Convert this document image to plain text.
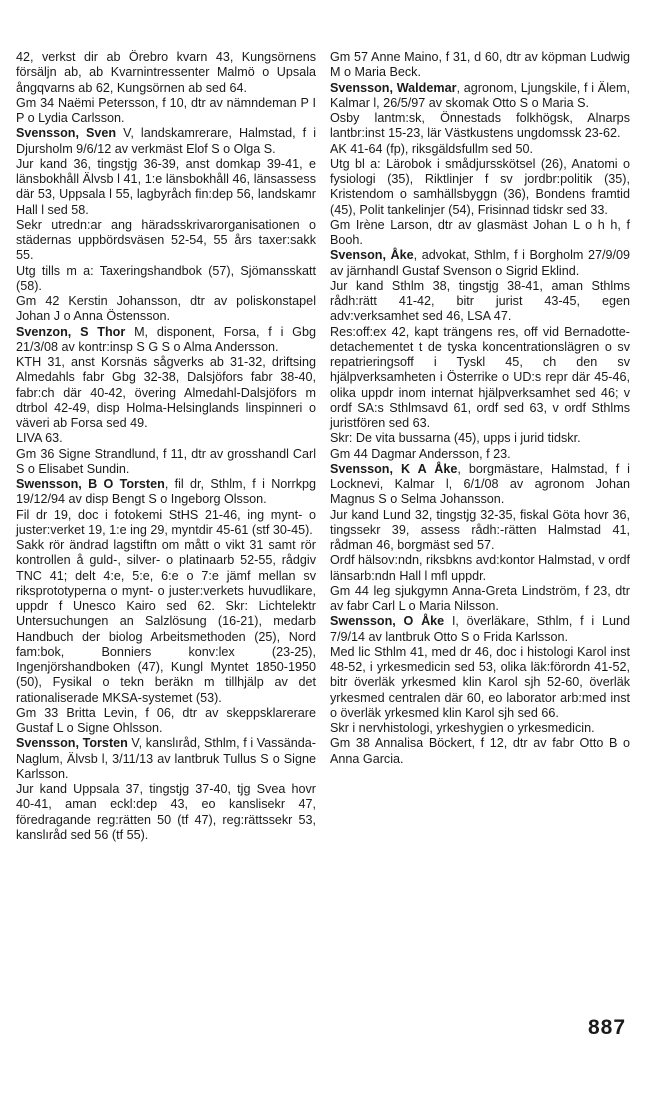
42, verkst dir ab Örebro kvarn 43, Kungsörnens försäljn ab, ab Kvarnintressenter Malmö o Upsala ångqvarns ab 62, Kungsörnen ab sed 64.

Gm 34 Naëmi Petersson, f 10, dtr av nämndeman P I P o Lydia Carlsson.

Svensson, Sven V, landskamrerare, Halmstad, f i Djursholm 9/6/12 av verkmäst Elof S o Olga S.

Jur kand 36, tingstjg 36-39, anst domkap 39-41, e länsbokhåll Älvsb l 41, 1:e länsbokhåll 46, länsassess där 53, Uppsala l 55, lagbyråch fin:dep 56, landskamr Hall l sed 58.

Sekr utredn:ar ang häradsskrivarorganisationen o städernas uppbördsväsen 52-54, 55 års taxer:sakk 55.

Utg tills m a: Taxeringshandbok (57), Sjömansskatt (58).

Gm 42 Kerstin Johansson, dtr av poliskonstapel Johan J o Anna Östensson.

Svenzon, S Thor M, disponent, Forsa, f i Gbg 21/3/08 av kontr:insp S G S o Alma Andersson.

KTH 31, anst Korsnäs sågverks ab 31-32, driftsing Almedahls fabr Gbg 32-38, Dalsjöfors fabr 38-40, fabr:ch där 40-42, övering Almedahl-Dalsjöfors m dtrbol 42-49, disp Holma-Helsinglands linspinneri o väveri ab Forsa sed 49.

LIVA 63.

Gm 36 Signe Strandlund, f 11, dtr av grosshandl Carl S o Elisabet Sundin.

Swensson, B O Torsten, fil dr, Sthlm, f i Norrkpg 19/12/94 av disp Bengt S o Ingeborg Olsson.

Fil dr 19, doc i fotokemi StHS 21-46, ing mynt- o juster:verket 19, 1:e ing 29, myntdir 45-61 (stf 30-45).

Sakk rör ändrad lagstiftn om mått o vikt 31 samt rör kontrollen å guld-, silver- o platinaarb 52-55, rådgiv TNC 41; delt 4:e, 5:e, 6:e o 7:e jämf mellan sv riksprototyperna o mynt- o juster:verkets huvudlikare, uppdr f Unesco Kairo sed 62. Skr: Lichtelektr Untersuchungen an Salzlösung (16-21), medarb Handbuch der biolog Arbeitsmethoden (25), Nord fam:bok, Bonniers konv:lex (23-25), Ingenjörshandboken (47), Kungl Myntet 1850-1950 (50), Fysikal o tekn beräkn m tillhjälp av det rationaliserade MKSA-systemet (53).

Gm 33 Britta Levin, f 06, dtr av skeppsklarerare Gustaf L o Signe Ohlsson.

Svensson, Torsten V, kanslıråd, Sthlm, f i Vassända-Naglum, Älvsb l, 3/11/13 av lantbruk Tullus S o Signe Karlsson.

Jur kand Uppsala 37, tingstjg 37-40, tjg Svea hovr 40-41, aman eckl:dep 43, eo kanslisekr 47, föredragande reg:rätten 50 (tf 47), reg:rättssekr 53, kanslıråd sed 56 (tf 55).

Gm 57 Anne Maino, f 31, d 60, dtr av köpman Ludwig M o Maria Beck.

Svensson, Waldemar, agronom, Ljungskile, f i Älem, Kalmar l, 26/5/97 av skomak Otto S o Maria S.

Osby lantm:sk, Önnestads folkhögsk, Alnarps lantbr:inst 15-23, lär Västkustens ungdomssk 23-62.

AK 41-64 (fp), riksgäldsfullm sed 50.

Utg bl a: Lärobok i smådjursskötsel (26), Anatomi o fysiologi (35), Riktlinjer f sv jordbr:politik (35), Kristendom o samhällsbyggn (36), Bondens framtid (45), Polit tankelinjer (54), Frisinnad tidskr sed 33.

Gm Irène Larson, dtr av glasmäst Johan L o h h, f Booh.

Svenson, Åke, advokat, Sthlm, f i Borgholm 27/9/09 av järnhandl Gustaf Svenson o Sigrid Eklind.

Jur kand Sthlm 38, tingstjg 38-41, aman Sthlms rådh:rätt 41-42, bitr jurist 43-45, egen adv:verksamhet sed 46, LSA 47.

Res:off:ex 42, kapt trängens res, off vid Bernadotte-detachementet t de tyska koncentrationslägren o sv repatrieringsoff i Tyskl 45, ch den sv hjälpverksamheten i Österrike o UD:s repr där 45-46, olika uppdr inom internat hjälpverksamhet sed 46; v ordf SA:s Sthlmsavd 61, ordf sed 63, v ordf Sthlms juristfören sed 63.

Skr: De vita bussarna (45), upps i jurid tidskr.

Gm 44 Dagmar Andersson, f 23.

Svensson, K A Åke, borgmästare, Halmstad, f i Locknevi, Kalmar l, 6/1/08 av agronom Johan Magnus S o Selma Johansson.

Jur kand Lund 32, tingstjg 32-35, fiskal Göta hovr 36, tingssekr 39, assess rådh:-rätten Halmstad 41, rådman 46, borgmäst sed 57.

Ordf hälsov:ndn, riksbkns avd:kontor Halmstad, v ordf länsarb:ndn Hall l mfl uppdr.

Gm 44 leg sjukgymn Anna-Greta Lindström, f 23, dtr av fabr Carl L o Maria Nilsson.

Swensson, O Åke I, överläkare, Sthlm, f i Lund 7/9/14 av lantbruk Otto S o Frida Karlsson.

Med lic Sthlm 41, med dr 46, doc i histologi Karol inst 48-52, i yrkesmedicin sed 53, olika läk:förordn 41-52, bitr överläk yrkesmed klin Karol sjh 52-60, överläk yrkesmed centralen där 60, eo laborator arb:med inst o överläk yrkesmed klin Karol sjh sed 66.

Skr i nervhistologi, yrkeshygien o yrkesmedicin.

Gm 38 Annalisa Böckert, f 12, dtr av fabr Otto B o Anna Garcia.

887
